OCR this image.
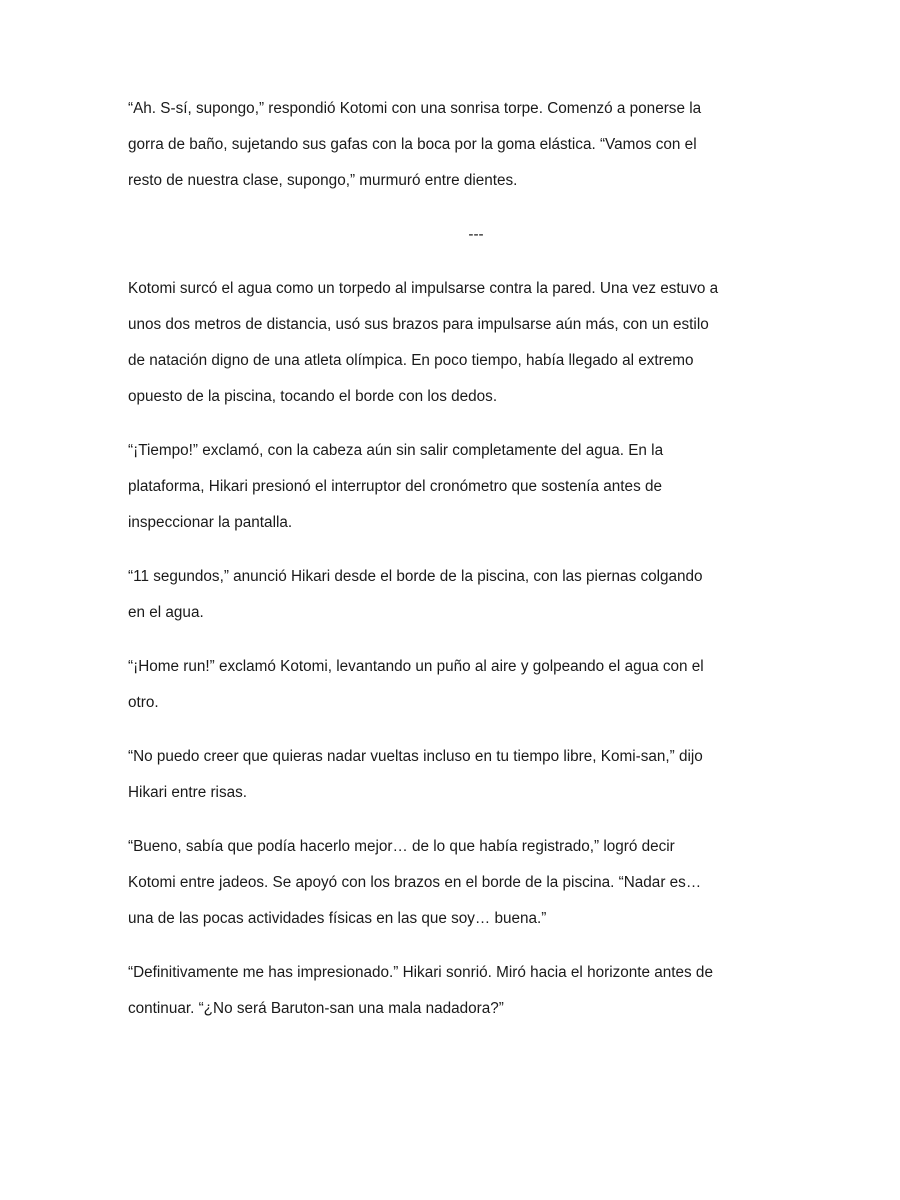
“Ah. S-sí, supongo,” respondió Kotomi con una sonrisa torpe. Comenzó a ponerse la
gorra de baño, sujetando sus gafas con la boca por la goma elástica. “Vamos con el
resto de nuestra clase, supongo,” murmuró entre dientes.

---

Kotomi surcó el agua como un torpedo al impulsarse contra la pared. Una vez estuvo a
unos dos metros de distancia, usó sus brazos para impulsarse aún más, con un estilo
de natación digno de una atleta olímpica. En poco tiempo, había llegado al extremo
opuesto de la piscina, tocando el borde con los dedos.

“¡Tiempo!” exclamó, con la cabeza aún sin salir completamente del agua. En la
plataforma, Hikari presionó el interruptor del cronómetro que sostenía antes de
inspeccionar la pantalla.

“11 segundos,” anunció Hikari desde el borde de la piscina, con las piernas colgando
en el agua.

“¡Home run!” exclamó Kotomi, levantando un puño al aire y golpeando el agua con el
otro.

“No puedo creer que quieras nadar vueltas incluso en tu tiempo libre, Komi-san,” dijo
Hikari entre risas.

“Bueno, sabía que podía hacerlo mejor… de lo que había registrado,” logró decir
Kotomi entre jadeos. Se apoyó con los brazos en el borde de la piscina. “Nadar es…
una de las pocas actividades físicas en las que soy… buena.”

“Definitivamente me has impresionado.” Hikari sonrió. Miró hacia el horizonte antes de
continuar. “¿No será Baruton-san una mala nadadora?”
